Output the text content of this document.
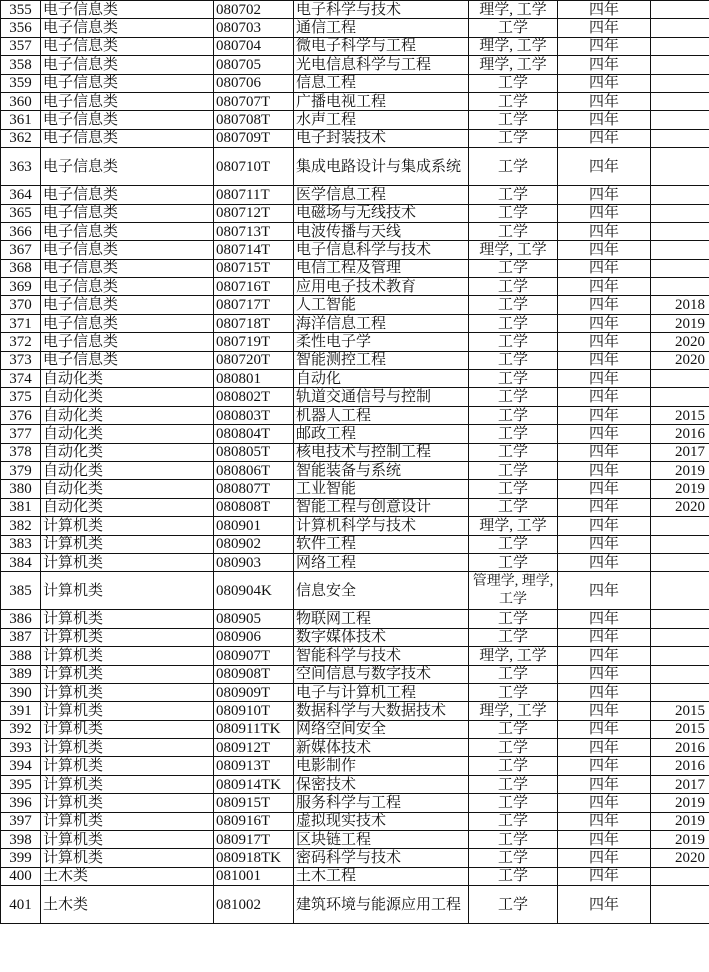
355	电子信息类	080702	电子科学与技术	理学, 工学	四年	
356	电子信息类	080703	通信工程	工学	四年	
357	电子信息类	080704	微电子科学与工程	理学, 工学	四年	
358	电子信息类	080705	光电信息科学与工程	理学, 工学	四年	
359	电子信息类	080706	信息工程	工学	四年	
360	电子信息类	080707T	广播电视工程	工学	四年	
361	电子信息类	080708T	水声工程	工学	四年	
362	电子信息类	080709T	电子封装技术	工学	四年	
363	电子信息类	080710T	集成电路设计与集成系统	工学	四年	
364	电子信息类	080711T	医学信息工程	工学	四年	
365	电子信息类	080712T	电磁场与无线技术	工学	四年	
366	电子信息类	080713T	电波传播与天线	工学	四年	
367	电子信息类	080714T	电子信息科学与技术	理学, 工学	四年	
368	电子信息类	080715T	电信工程及管理	工学	四年	
369	电子信息类	080716T	应用电子技术教育	工学	四年	
370	电子信息类	080717T	人工智能	工学	四年	2018
371	电子信息类	080718T	海洋信息工程	工学	四年	2019
372	电子信息类	080719T	柔性电子学	工学	四年	2020
373	电子信息类	080720T	智能测控工程	工学	四年	2020
374	自动化类	080801	自动化	工学	四年	
375	自动化类	080802T	轨道交通信号与控制	工学	四年	
376	自动化类	080803T	机器人工程	工学	四年	2015
377	自动化类	080804T	邮政工程	工学	四年	2016
378	自动化类	080805T	核电技术与控制工程	工学	四年	2017
379	自动化类	080806T	智能装备与系统	工学	四年	2019
380	自动化类	080807T	工业智能	工学	四年	2019
381	自动化类	080808T	智能工程与创意设计	工学	四年	2020
382	计算机类	080901	计算机科学与技术	理学, 工学	四年	
383	计算机类	080902	软件工程	工学	四年	
384	计算机类	080903	网络工程	工学	四年	
385	计算机类	080904K	信息安全	管理学, 理学, 工学	四年	
386	计算机类	080905	物联网工程	工学	四年	
387	计算机类	080906	数字媒体技术	工学	四年	
388	计算机类	080907T	智能科学与技术	理学, 工学	四年	
389	计算机类	080908T	空间信息与数字技术	工学	四年	
390	计算机类	080909T	电子与计算机工程	工学	四年	
391	计算机类	080910T	数据科学与大数据技术	理学, 工学	四年	2015
392	计算机类	080911TK	网络空间安全	工学	四年	2015
393	计算机类	080912T	新媒体技术	工学	四年	2016
394	计算机类	080913T	电影制作	工学	四年	2016
395	计算机类	080914TK	保密技术	工学	四年	2017
396	计算机类	080915T	服务科学与工程	工学	四年	2019
397	计算机类	080916T	虚拟现实技术	工学	四年	2019
398	计算机类	080917T	区块链工程	工学	四年	2019
399	计算机类	080918TK	密码科学与技术	工学	四年	2020
400	土木类	081001	土木工程	工学	四年	
401	土木类	081002	建筑环境与能源应用工程	工学	四年	
